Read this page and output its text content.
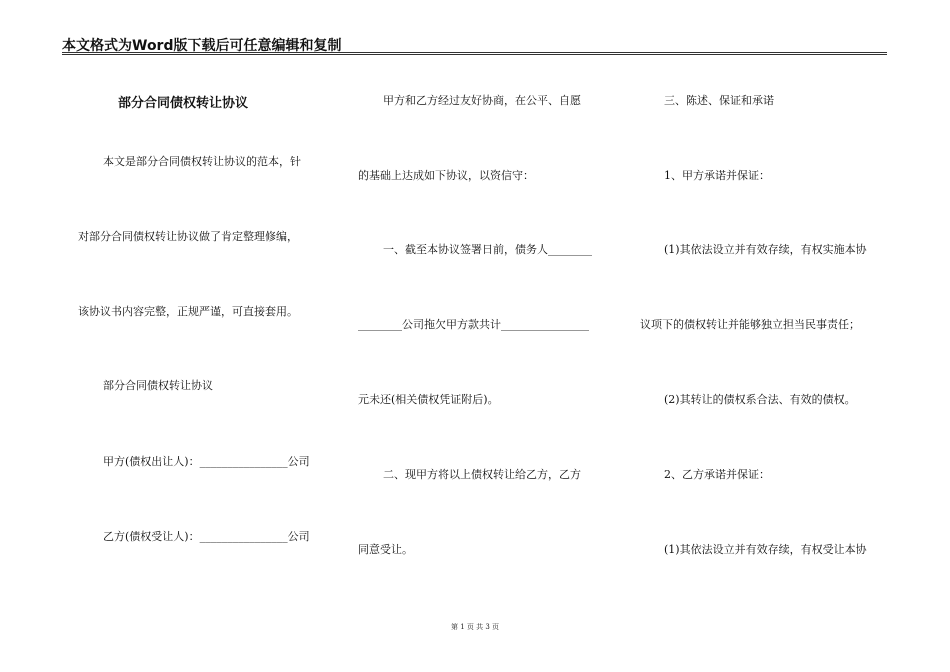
本文格式为Word版下载后可任意编辑和复制
部分合同债权转让协议
本文是部分合同债权转让协议的范本，针
对部分合同债权转让协议做了肯定整理修编，
该协议书内容完整，正规严谨，可直接套用。
部分合同债权转让协议
甲方(债权出让人)：________________公司
乙方(债权受让人)：________________公司
甲方和乙方经过友好协商，在公平、自愿
的基础上达成如下协议，以资信守：
一、截至本协议签署日前，债务人________
________公司拖欠甲方款共计________________
元未还(相关债权凭证附后)。
二、现甲方将以上债权转让给乙方，乙方
同意受让。
三、陈述、保证和承诺
1、甲方承诺并保证：
(1)其依法设立并有效存续，有权实施本协
议项下的债权转让并能够独立担当民事责任；
(2)其转让的债权系合法、有效的债权。
2、乙方承诺并保证：
(1)其依法设立并有效存续，有权受让本协
第 1 页 共 3 页
